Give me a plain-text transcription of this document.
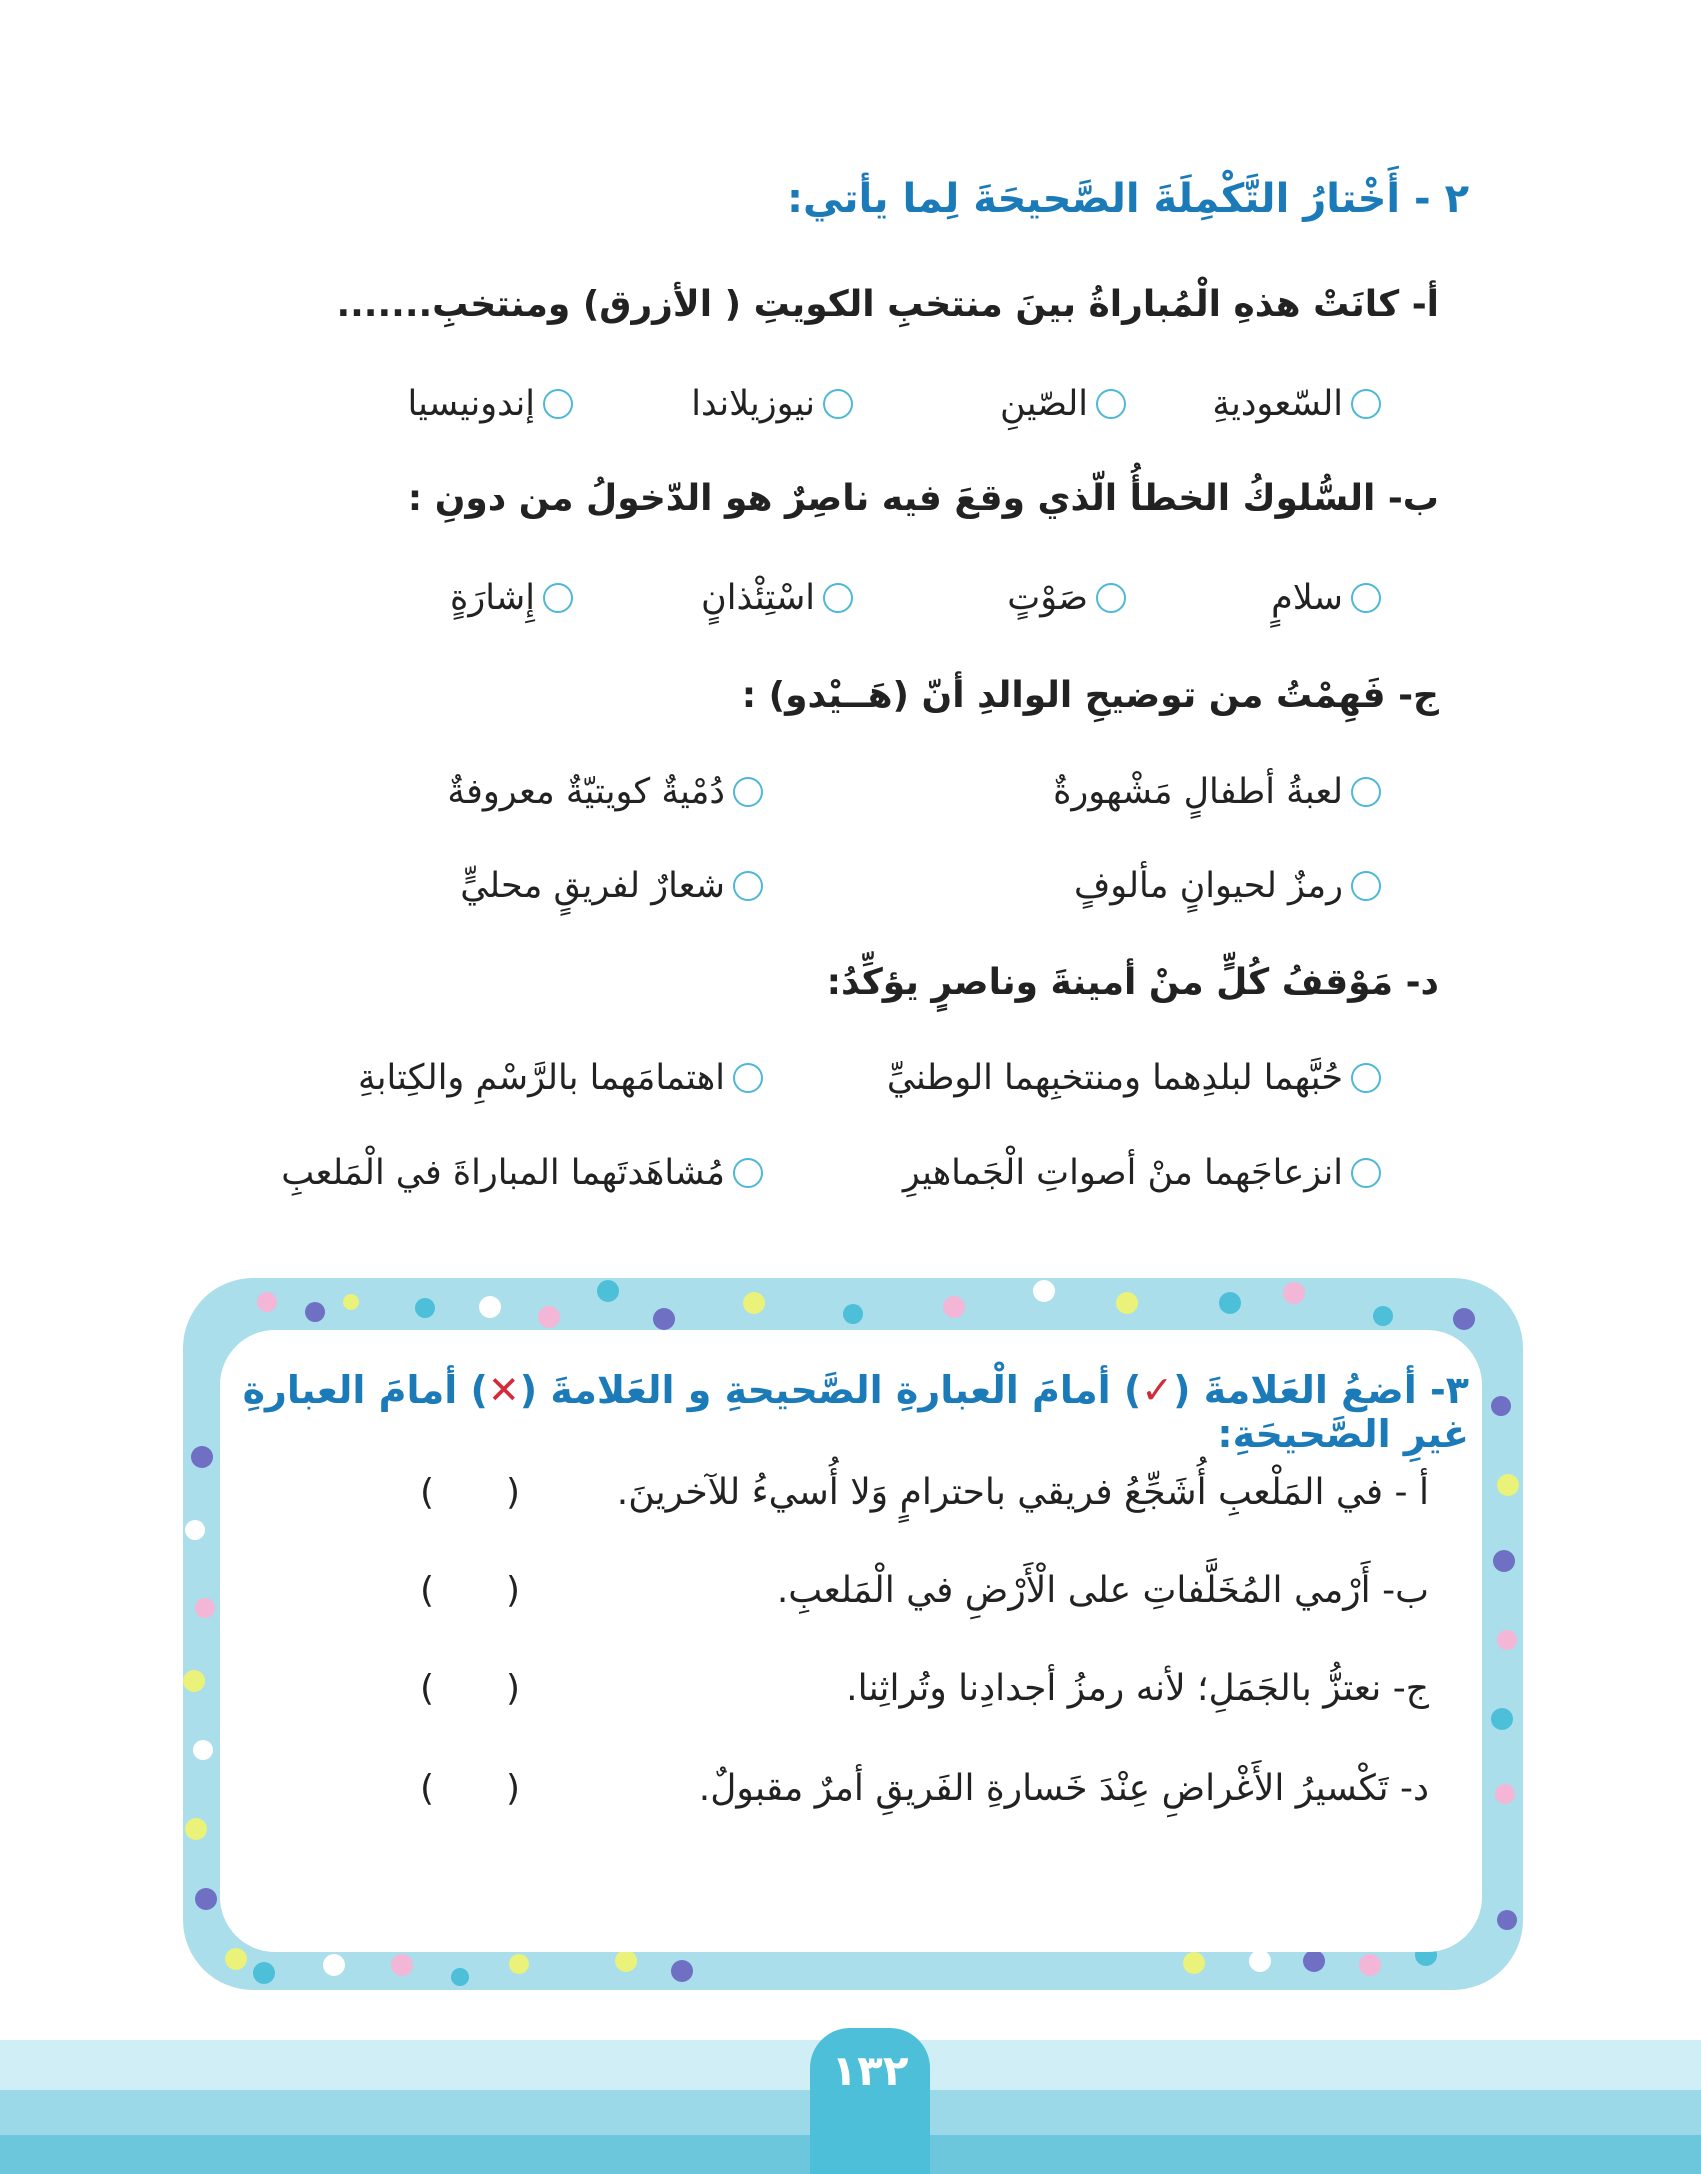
٢ - أَخْتارُ التَّكْمِلَةَ الصَّحيحَةَ لِما يأتي:
أ- كانَتْ هذهِ الْمُباراةُ بينَ منتخبِ الكويتِ ( الأزرق) ومنتخبِ.......
السّعوديةِ
الصّينِ
نيوزيلاندا
إندونيسيا
ب- السُّلوكُ الخطأُ الّذي وقعَ فيه ناصِرٌ هو الدّخولُ من دونِ :
سلامٍ
صَوْتٍ
اسْتِئْذانٍ
إِشارَةٍ
ج- فَهِمْتُ من توضيحِ الوالدِ أنّ (هَــيْدو) :
لعبةُ أطفالٍ مَشْهورةٌ
دُمْيةٌ كويتيّةٌ معروفةٌ
رمزٌ لحيوانٍ مألوفٍ
شعارٌ لفريقٍ محليٍّ
د- مَوْقفُ كُلٍّ منْ أمينةَ وناصرٍ يؤكِّدُ:
حُبَّهما لبلدِهما ومنتخبِهما الوطنيِّ
اهتمامَهما بالرَّسْمِ والكِتابةِ
انزعاجَهما منْ أصواتِ الْجَماهيرِ
مُشاهَدتَهما المباراةَ في الْمَلعبِ
٣- أضعُ العَلامةَ (✓) أمامَ الْعبارةِ الصَّحيحةِ و العَلامةَ (✕) أمامَ العبارةِ غيرِ الصَّحيحَةِ:
أ - في المَلْعبِ أُشَجِّعُ فريقي باحترامٍ وَلا أُسيءُ للآخرينَ.
(
)
ب- أَرْمي المُخَلَّفاتِ على الْأَرْضِ في الْمَلعبِ.
(
)
ج- نعتزُّ بالجَمَلِ؛ لأنه رمزُ أجدادِنا وتُراثِنا.
(
)
د- تَكْسيرُ الأَغْراضِ عِنْدَ خَسارةِ الفَريقِ أمرٌ مقبولٌ.
(
)
١٣٢
